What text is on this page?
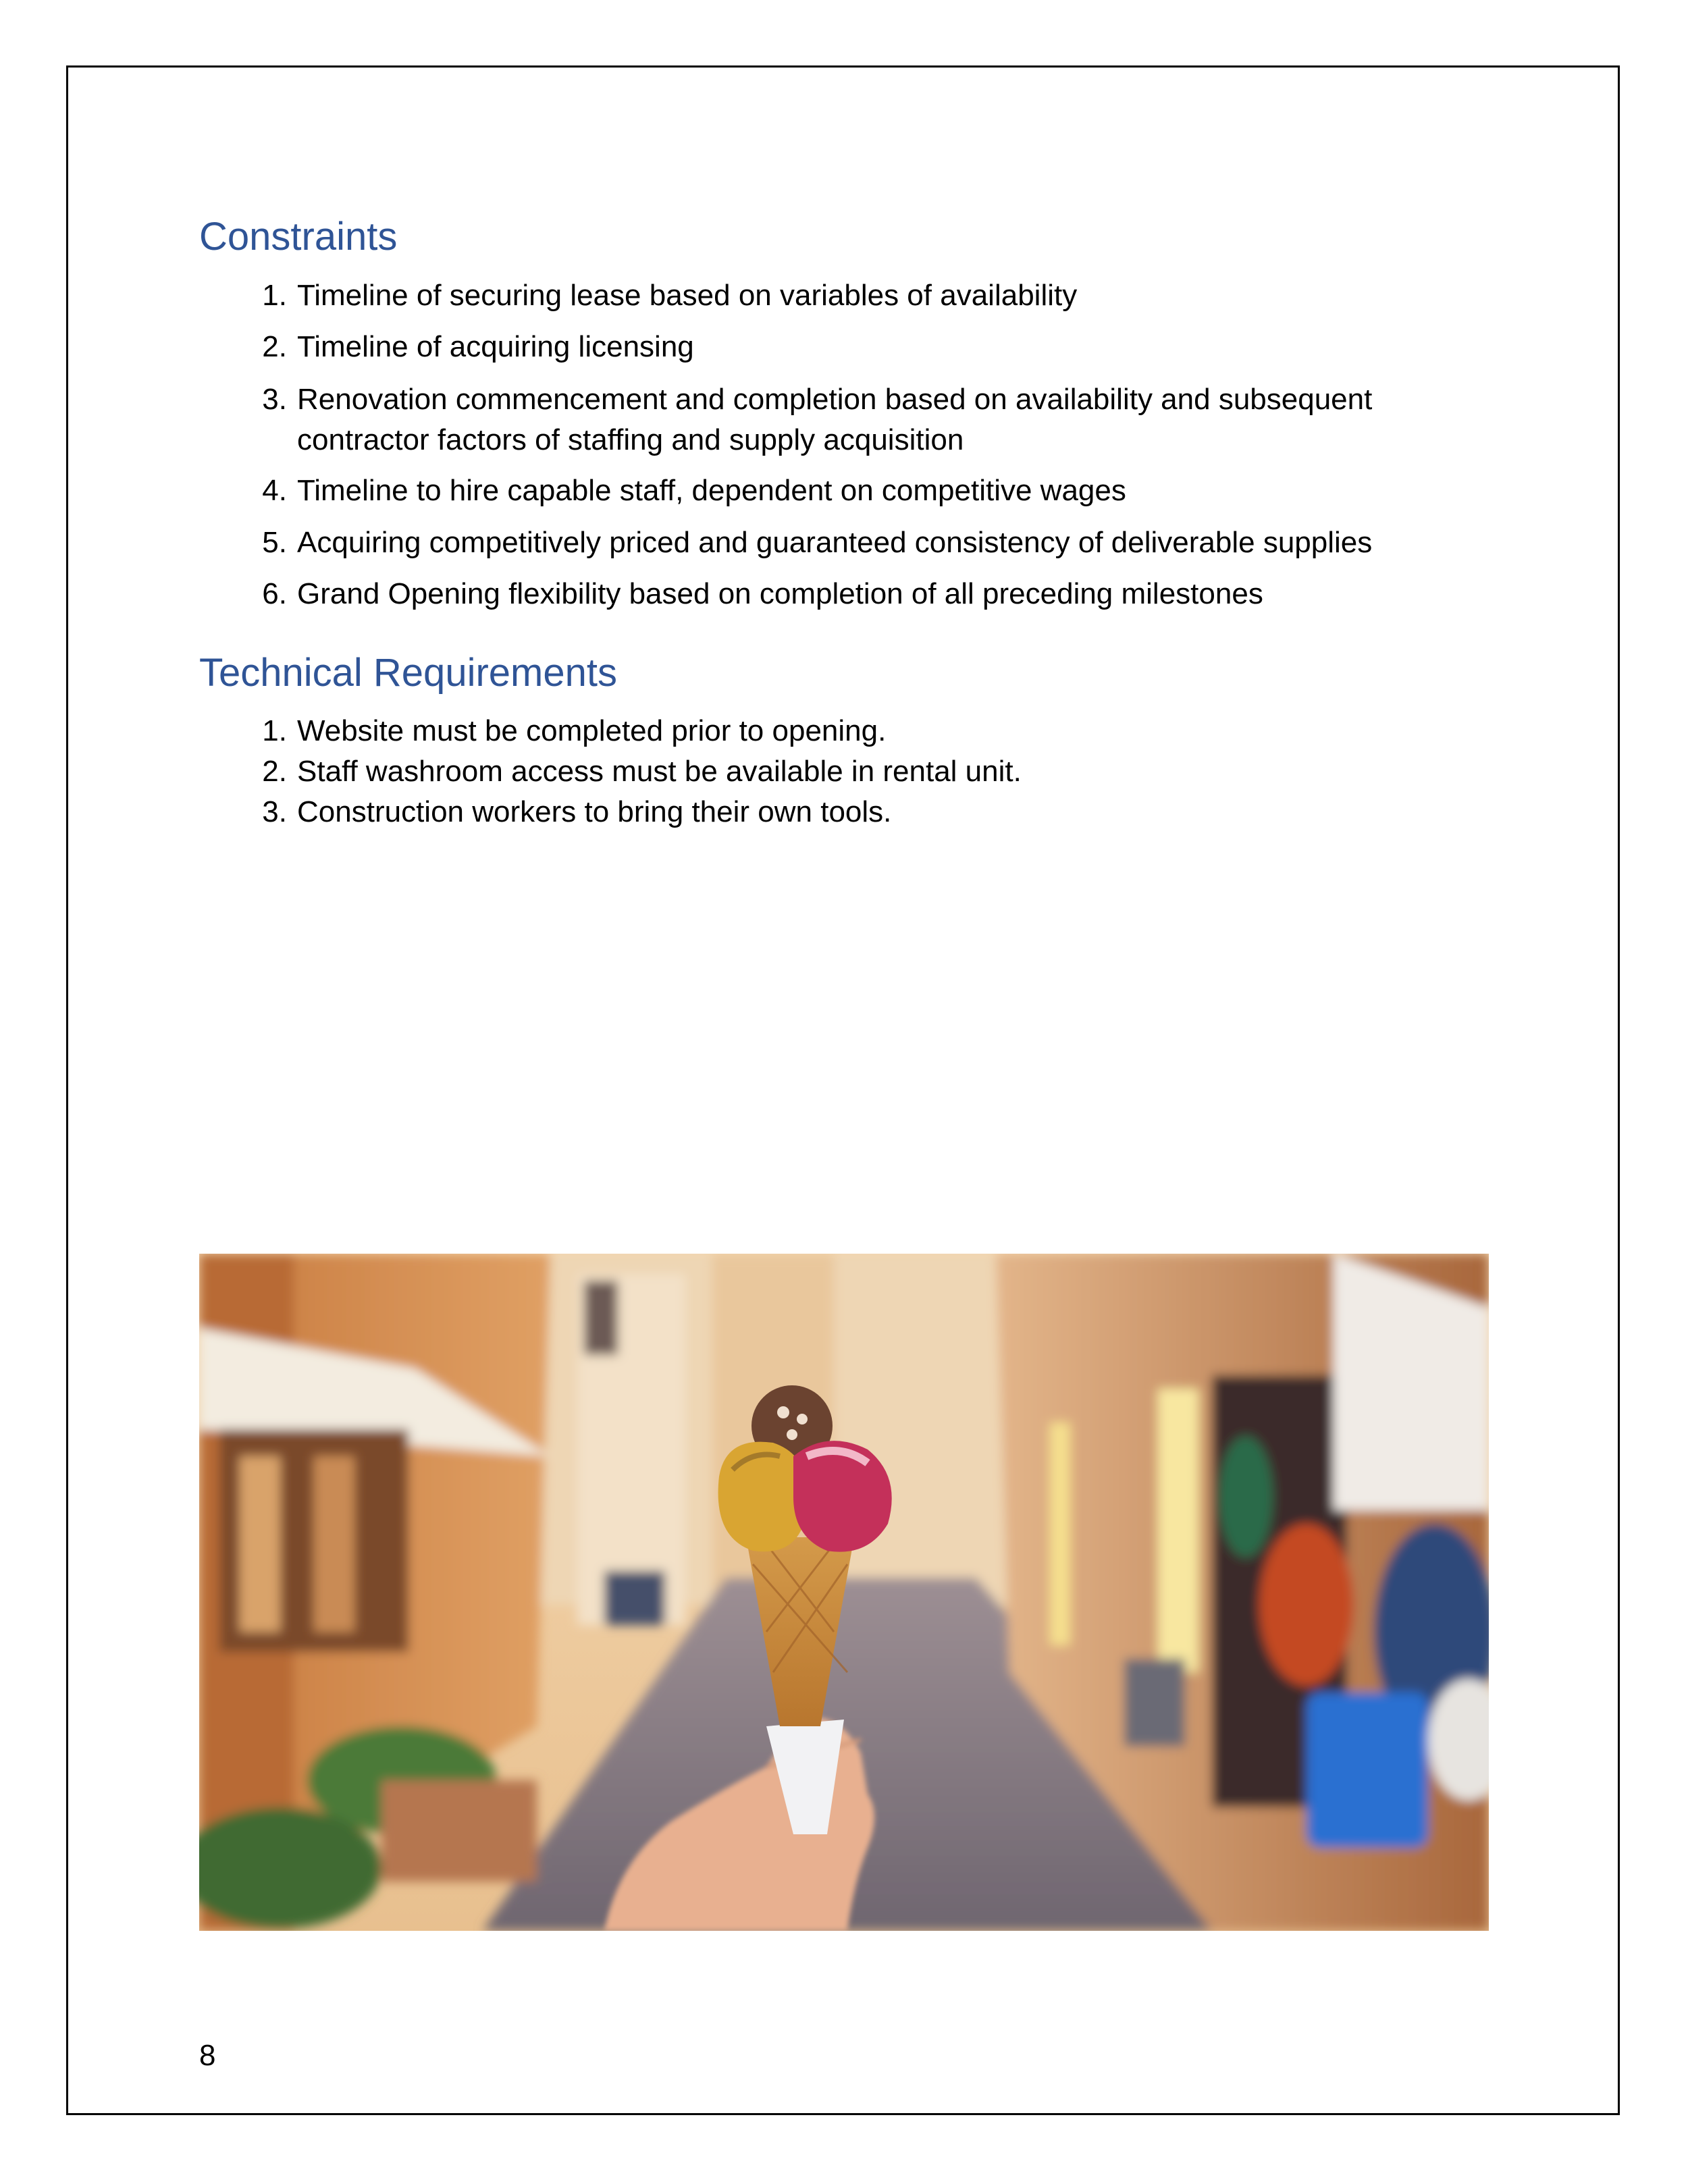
Constraints
1. Timeline of securing lease based on variables of availability
2. Timeline of acquiring licensing
3. Renovation commencement and completion based on availability and subsequent
contractor factors of staffing and supply acquisition
4. Timeline to hire capable staff, dependent on competitive wages
5. Acquiring competitively priced and guaranteed consistency of deliverable supplies
6. Grand Opening flexibility based on completion of all preceding milestones
Technical Requirements
1. Website must be completed prior to opening.
2. Staff washroom access must be available in rental unit.
3. Construction workers to bring their own tools.
8
